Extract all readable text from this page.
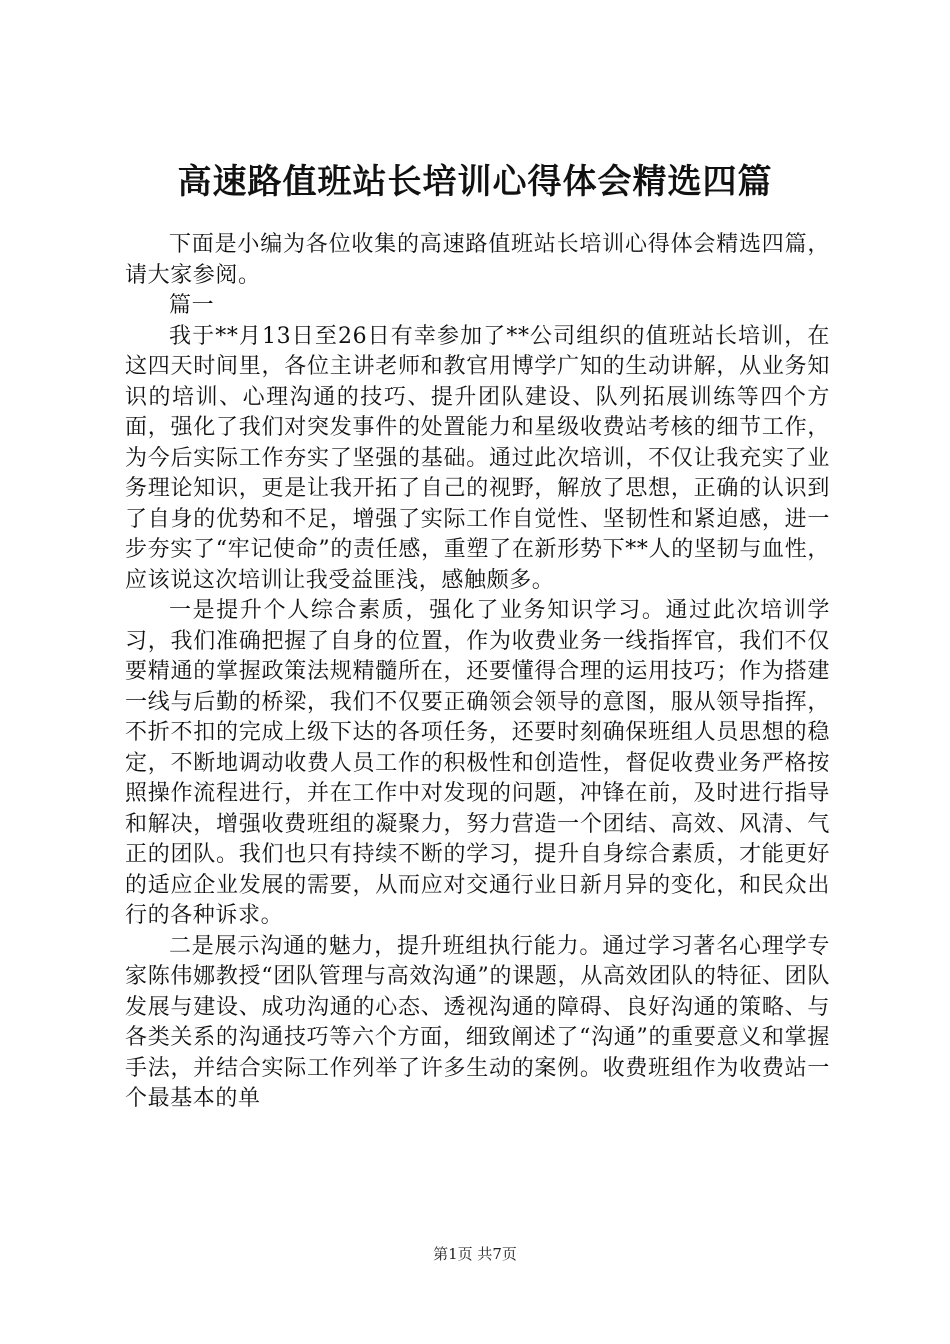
高速路值班站长培训心得体会精选四篇

下面是小编为各位收集的高速路值班站长培训心得体会精选四篇，请大家参阅。

篇一

我于**月13日至26日有幸参加了**公司组织的值班站长培训，在这四天时间里，各位主讲老师和教官用博学广知的生动讲解，从业务知识的培训、心理沟通的技巧、提升团队建设、队列拓展训练等四个方面，强化了我们对突发事件的处置能力和星级收费站考核的细节工作，为今后实际工作夯实了坚强的基础。通过此次培训，不仅让我充实了业务理论知识，更是让我开拓了自己的视野，解放了思想，正确的认识到了自身的优势和不足，增强了实际工作自觉性、坚韧性和紧迫感，进一步夯实了“牢记使命”的责任感，重塑了在新形势下**人的坚韧与血性，应该说这次培训让我受益匪浅，感触颇多。

一是提升个人综合素质，强化了业务知识学习。通过此次培训学习，我们准确把握了自身的位置，作为收费业务一线指挥官，我们不仅要精通的掌握政策法规精髓所在，还要懂得合理的运用技巧；作为搭建一线与后勤的桥梁，我们不仅要正确领会领导的意图，服从领导指挥，不折不扣的完成上级下达的各项任务，还要时刻确保班组人员思想的稳定，不断地调动收费人员工作的积极性和创造性，督促收费业务严格按照操作流程进行，并在工作中对发现的问题，冲锋在前，及时进行指导和解决，增强收费班组的凝聚力，努力营造一个团结、高效、风清、气正的团队。我们也只有持续不断的学习，提升自身综合素质，才能更好的适应企业发展的需要，从而应对交通行业日新月异的变化，和民众出行的各种诉求。

二是展示沟通的魅力，提升班组执行能力。通过学习著名心理学专家陈伟娜教授“团队管理与高效沟通”的课题，从高效团队的特征、团队发展与建设、成功沟通的心态、透视沟通的障碍、良好沟通的策略、与各类关系的沟通技巧等六个方面，细致阐述了“沟通”的重要意义和掌握手法，并结合实际工作列举了许多生动的案例。收费班组作为收费站一个最基本的单

第1页 共7页
